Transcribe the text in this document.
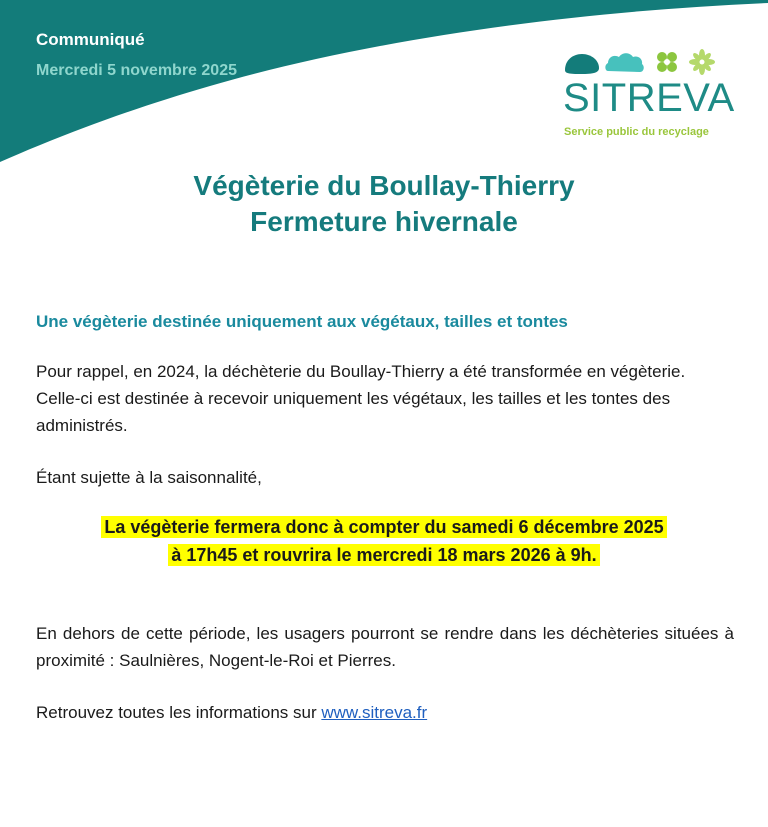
Communiqué
Mercredi 5 novembre 2025
SITREVA
Service public du recyclage
Végèterie du Boullay-Thierry
Fermeture hivernale
Une végèterie destinée uniquement aux végétaux, tailles et tontes
Pour rappel, en 2024, la déchèterie du Boullay-Thierry a été transformée en végèterie. Celle-ci est destinée à recevoir uniquement les végétaux, les tailles et les tontes des administrés.
Étant sujette à la saisonnalité,
La végèterie fermera donc à compter du samedi 6 décembre 2025
à 17h45 et rouvrira le mercredi 18 mars 2026 à 9h.
En dehors de cette période, les usagers pourront se rendre dans les déchèteries situées à proximité : Saulnières, Nogent-le-Roi et Pierres.
Retrouvez toutes les informations sur www.sitreva.fr
